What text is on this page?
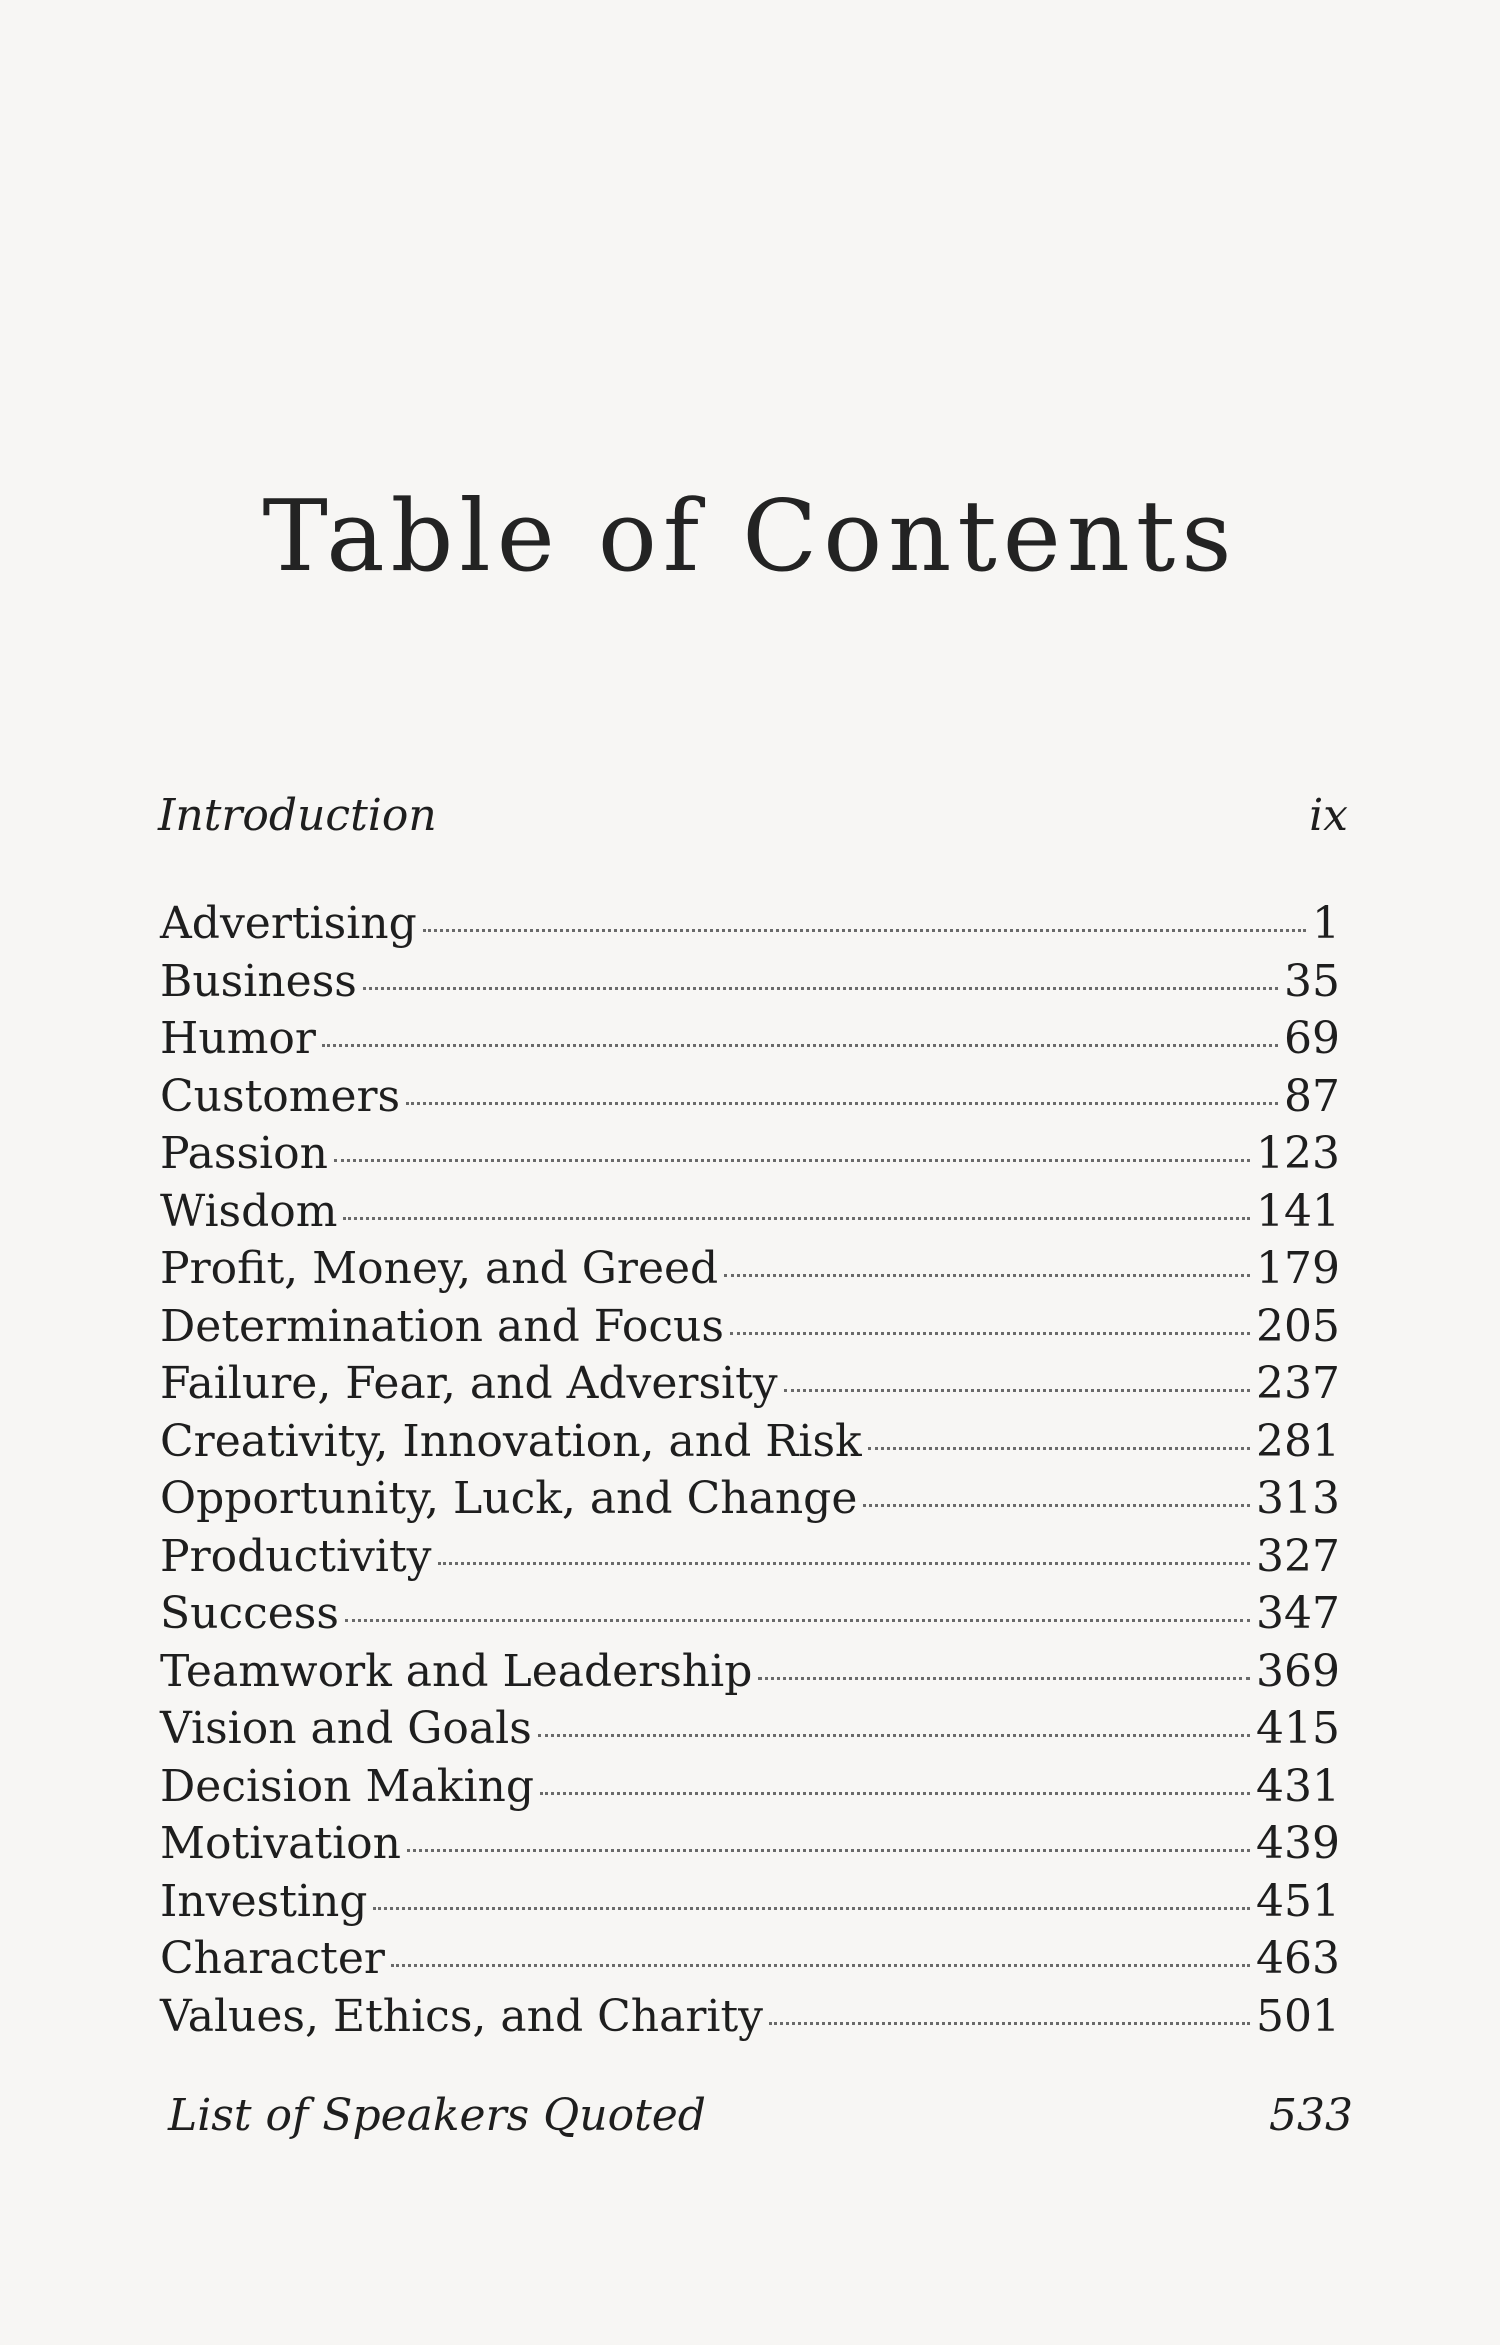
Table of Contents
Introduction	ix
Advertising	1
Business	35
Humor	69
Customers	87
Passion	123
Wisdom	141
Profit, Money, and Greed	179
Determination and Focus	205
Failure, Fear, and Adversity	237
Creativity, Innovation, and Risk	281
Opportunity, Luck, and Change	313
Productivity	327
Success	347
Teamwork and Leadership	369
Vision and Goals	415
Decision Making	431
Motivation	439
Investing	451
Character	463
Values, Ethics, and Charity	501
List of Speakers Quoted	533
